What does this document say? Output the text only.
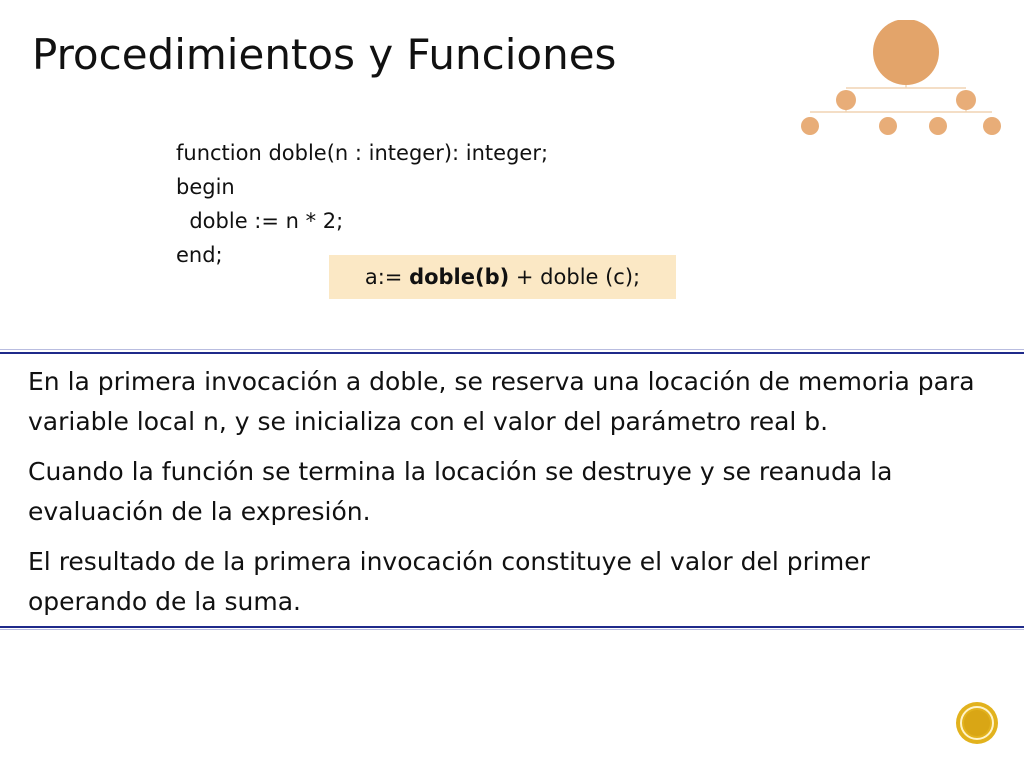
Procedimientos y Funciones
function doble(n : integer): integer;
begin
doble := n * 2;
end;
a:= doble(b) + doble (c);

En la primera invocación a doble, se reserva una locación de memoria para variable local n, y se inicializa con el valor del parámetro real b.

Cuando la función se termina la locación se destruye y se reanuda la evaluación de la expresión.

El resultado de la primera invocación constituye el valor del primer operando de la suma.
